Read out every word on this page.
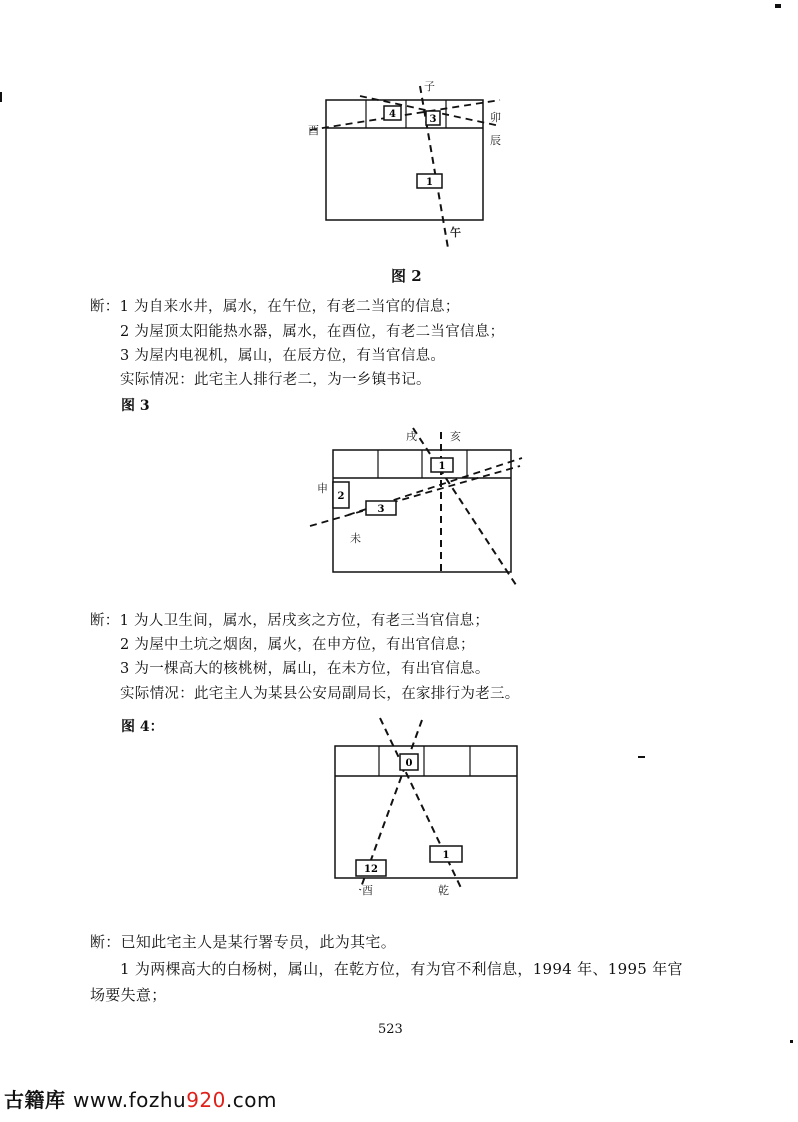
4	3
1
子
酉
卯
辰
午
图 2
断：1 为自来水井，属水，在午位，有老二当官的信息；
2 为屋顶太阳能热水器，属水，在酉位，有老二当官信息；
3 为屋内电视机，属山，在辰方位，有当官信息。
实际情况：此宅主人排行老二，为一乡镇书记。
图 3
1
2
3
戌	亥
申
未
断：1 为人卫生间，属水，居戌亥之方位，有老三当官信息；
2 为屋中土坑之烟囱，属火，在申方位，有出官信息；
3 为一棵高大的核桃树，属山，在未方位，有出官信息。
实际情况：此宅主人为某县公安局副局长，在家排行为老三。
图 4：
0
12
1
酉	乾
断：已知此宅主人是某行署专员，此为其宅。
1 为两棵高大的白杨树，属山，在乾方位，有为官不利信息，1994 年、1995 年官
场要失意；
523
古籍库 www.fozhu920.com
